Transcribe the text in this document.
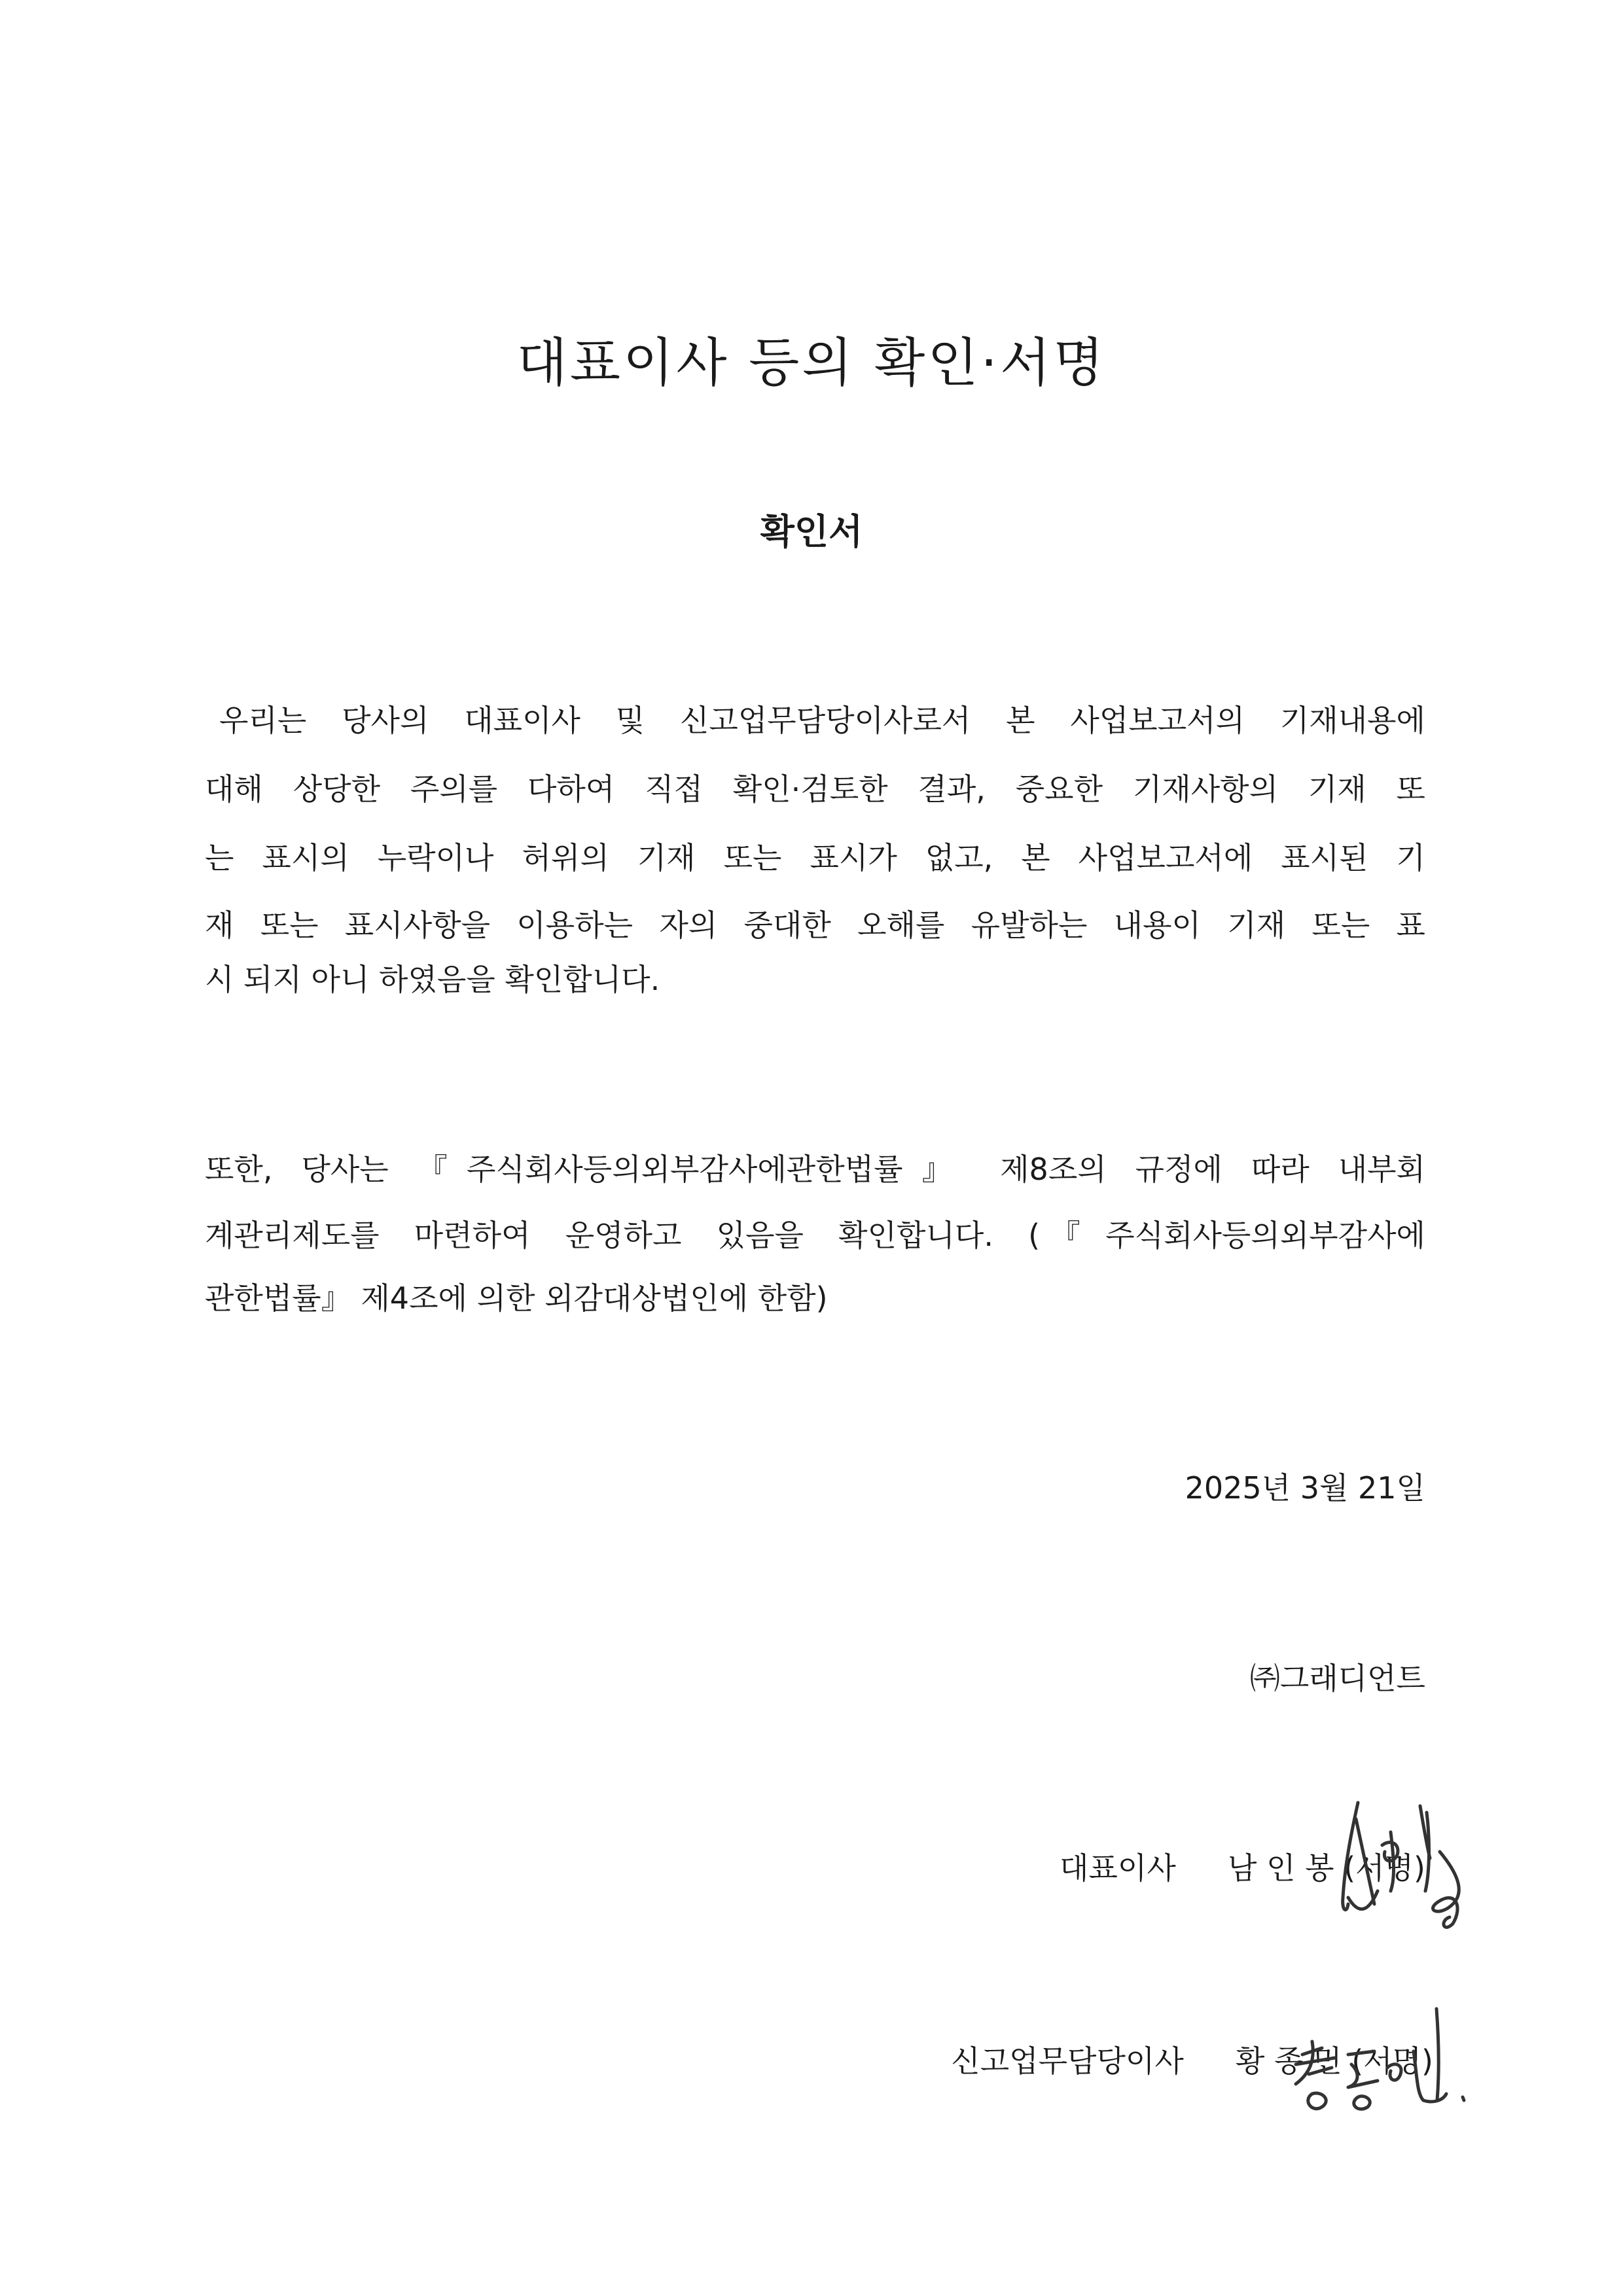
대표이사 등의 확인·서명
확인서
우리는 당사의 대표이사 및 신고업무담당이사로서 본 사업보고서의 기재내용에
대해 상당한 주의를 다하여 직접 확인·검토한 결과, 중요한 기재사항의 기재 또
는 표시의 누락이나 허위의 기재 또는 표시가 없고, 본 사업보고서에 표시된 기
재 또는 표시사항을 이용하는 자의 중대한 오해를 유발하는 내용이 기재 또는 표
시 되지 아니 하였음을 확인합니다.
또한, 당사는 『주식회사등의외부감사에관한법률』 제8조의 규정에 따라 내부회
계관리제도를 마련하여 운영하고 있음을 확인합니다. (『주식회사등의외부감사에
관한법률』 제4조에 의한 외감대상법인에 한함)
2025년 3월 21일
㈜그래디언트
대표이사 남 인 봉 (서명)
신고업무담당이사 황 종 민 (서명)
